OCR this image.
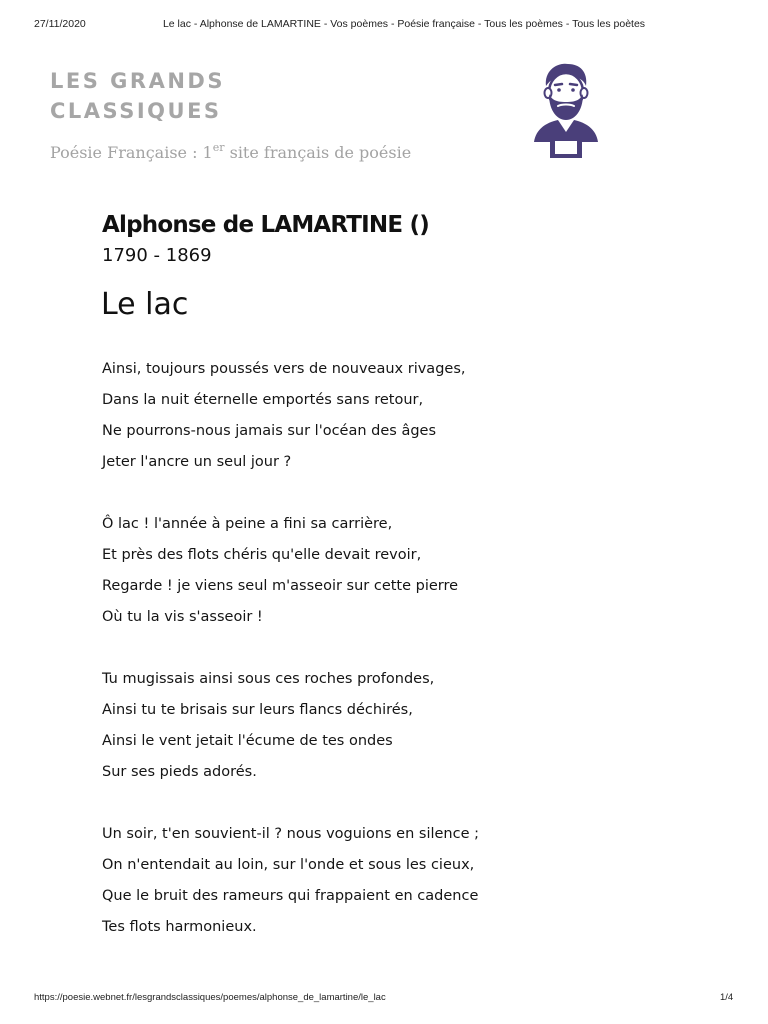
27/11/2020	Le lac - Alphonse de LAMARTINE - Vos poèmes - Poésie française - Tous les poèmes - Tous les poètes
LES GRANDS
CLASSIQUES
Poésie Française : 1er site français de poésie
Alphonse de LAMARTINE ()
1790 - 1869
Le lac
Ainsi, toujours poussés vers de nouveaux rivages,
Dans la nuit éternelle emportés sans retour,
Ne pourrons-nous jamais sur l'océan des âges
Jeter l'ancre un seul jour ?
Ô lac ! l'année à peine a fini sa carrière,
Et près des flots chéris qu'elle devait revoir,
Regarde ! je viens seul m'asseoir sur cette pierre
Où tu la vis s'asseoir !
Tu mugissais ainsi sous ces roches profondes,
Ainsi tu te brisais sur leurs flancs déchirés,
Ainsi le vent jetait l'écume de tes ondes
Sur ses pieds adorés.
Un soir, t'en souvient-il ? nous voguions en silence ;
On n'entendait au loin, sur l'onde et sous les cieux,
Que le bruit des rameurs qui frappaient en cadence
Tes flots harmonieux.
https://poesie.webnet.fr/lesgrandsclassiques/poemes/alphonse_de_lamartine/le_lac	1/4
